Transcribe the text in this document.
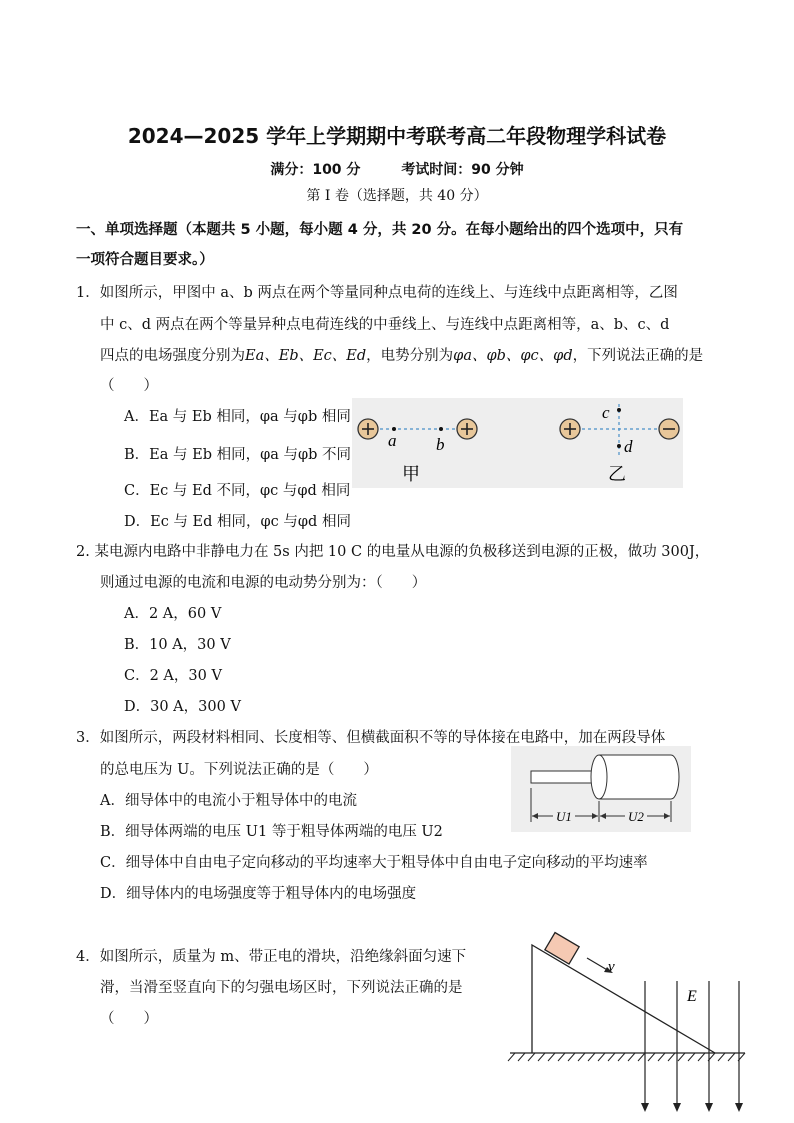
2024—2025 学年上学期期中考联考高二年段物理学科试卷
满分：100 分	考试时间：90 分钟
第 I 卷（选择题，共 40 分）
一、单项选择题（本题共 5 小题，每小题 4 分，共 20 分。在每小题给出的四个选项中，只有
一项符合题目要求。）
1．如图所示，甲图中 a、b 两点在两个等量同种点电荷的连线上、与连线中点距离相等，乙图
中 c、d 两点在两个等量异种点电荷连线的中垂线上、与连线中点距离相等，a、b、c、d
四点的电场强度分别为Ea、Eb、Ec、Ed，电势分别为φa、φb、φc、φd，下列说法正确的是
（　　）
A．Ea 与 Eb 相同，φa 与φb 相同
B．Ea 与 Eb 相同，φa 与φb 不同
C．Ec 与 Ed 不同，φc 与φd 相同
D．Ec 与 Ed 相同，φc 与φd 相同
a b
甲
c
d
乙
2. 某电源内电路中非静电力在 5s 内把 10 C 的电量从电源的负极移送到电源的正极，做功 300J，
则通过电源的电流和电源的电动势分别为：（　　）
A．2 A，60 V
B．10 A，30 V
C．2 A，30 V
D．30 A，300 V
3．如图所示，两段材料相同、长度相等、但横截面积不等的导体接在电路中，加在两段导体
的总电压为 U。下列说法正确的是（　　）
A．细导体中的电流小于粗导体中的电流
B．细导体两端的电压 U1 等于粗导体两端的电压 U2
C．细导体中自由电子定向移动的平均速率大于粗导体中自由电子定向移动的平均速率
D．细导体内的电场强度等于粗导体内的电场强度
U1	U2
4．如图所示，质量为 m、带正电的滑块，沿绝缘斜面匀速下
滑，当滑至竖直向下的匀强电场区时，下列说法正确的是
（　　）
v
E
